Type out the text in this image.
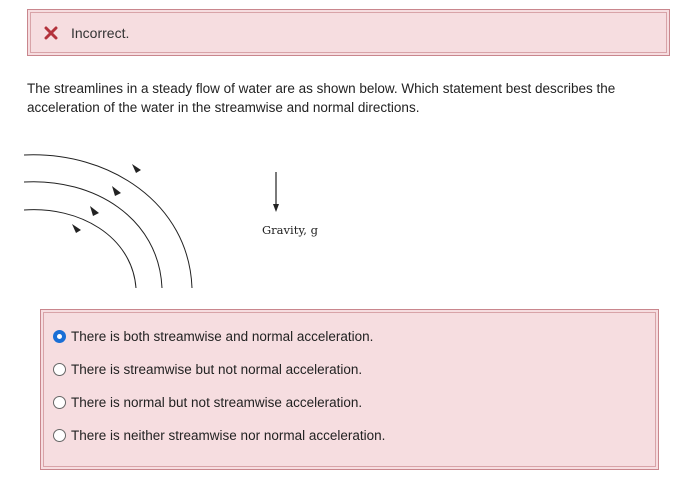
Incorrect.
The streamlines in a steady flow of water are as shown below. Which statement best describes the acceleration of the water in the streamwise and normal directions.
Gravity, g
There is both streamwise and normal acceleration.
There is streamwise but not normal acceleration.
There is normal but not streamwise acceleration.
There is neither streamwise nor normal acceleration.
